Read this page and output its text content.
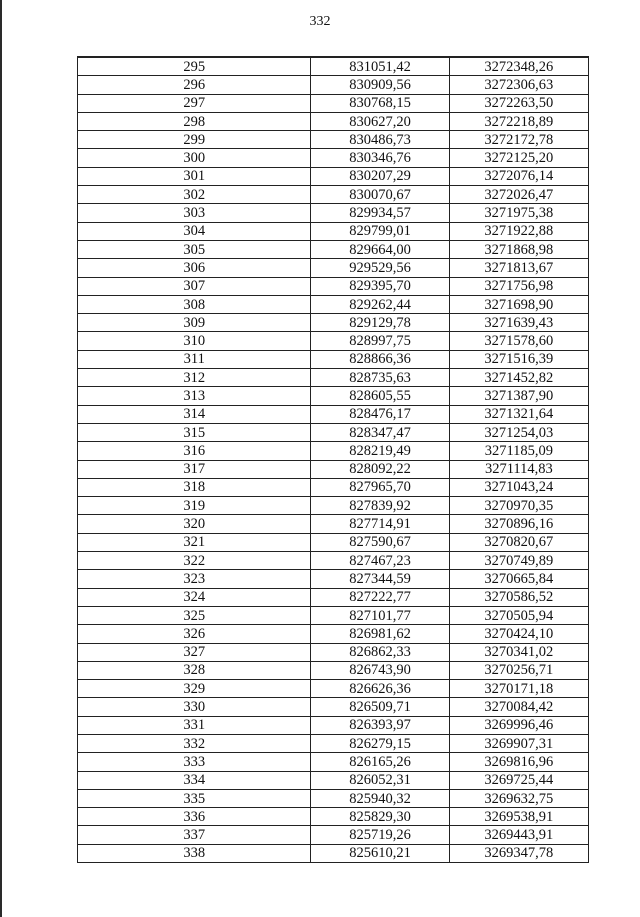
332
295	831051,42	3272348,26
296	830909,56	3272306,63
297	830768,15	3272263,50
298	830627,20	3272218,89
299	830486,73	3272172,78
300	830346,76	3272125,20
301	830207,29	3272076,14
302	830070,67	3272026,47
303	829934,57	3271975,38
304	829799,01	3271922,88
305	829664,00	3271868,98
306	929529,56	3271813,67
307	829395,70	3271756,98
308	829262,44	3271698,90
309	829129,78	3271639,43
310	828997,75	3271578,60
311	828866,36	3271516,39
312	828735,63	3271452,82
313	828605,55	3271387,90
314	828476,17	3271321,64
315	828347,47	3271254,03
316	828219,49	3271185,09
317	828092,22	3271114,83
318	827965,70	3271043,24
319	827839,92	3270970,35
320	827714,91	3270896,16
321	827590,67	3270820,67
322	827467,23	3270749,89
323	827344,59	3270665,84
324	827222,77	3270586,52
325	827101,77	3270505,94
326	826981,62	3270424,10
327	826862,33	3270341,02
328	826743,90	3270256,71
329	826626,36	3270171,18
330	826509,71	3270084,42
331	826393,97	3269996,46
332	826279,15	3269907,31
333	826165,26	3269816,96
334	826052,31	3269725,44
335	825940,32	3269632,75
336	825829,30	3269538,91
337	825719,26	3269443,91
338	825610,21	3269347,78
